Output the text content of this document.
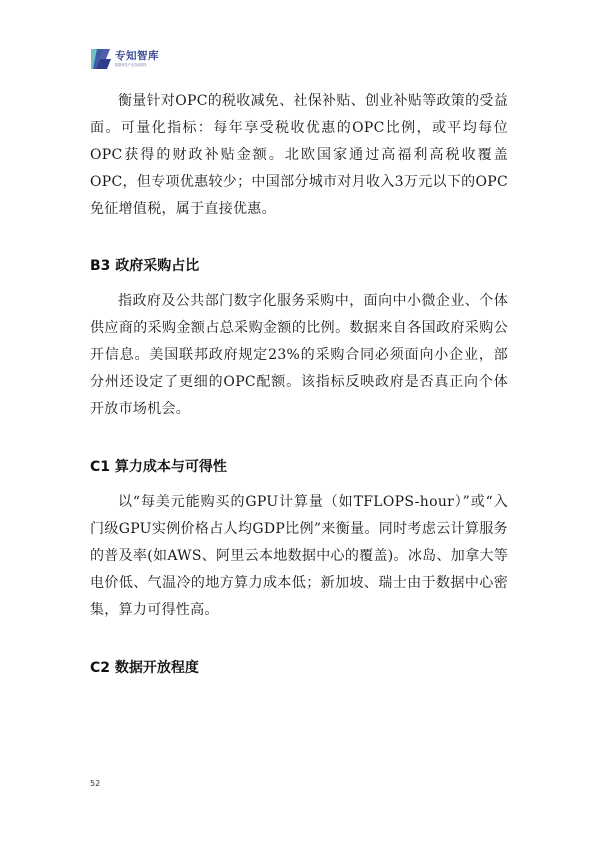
专知智库
数据科技产业智能服务

衡量针对OPC的税收减免、社保补贴、创业补贴等政策的受益面。可量化指标：每年享受税收优惠的OPC比例，或平均每位OPC获得的财政补贴金额。北欧国家通过高福利高税收覆盖OPC，但专项优惠较少；中国部分城市对月收入3万元以下的OPC免征增值税，属于直接优惠。

B3 政府采购占比

指政府及公共部门数字化服务采购中，面向中小微企业、个体供应商的采购金额占总采购金额的比例。数据来自各国政府采购公开信息。美国联邦政府规定23%的采购合同必须面向小企业，部分州还设定了更细的OPC配额。该指标反映政府是否真正向个体开放市场机会。

C1 算力成本与可得性

以“每美元能购买的GPU计算量（如TFLOPS-hour）”或“入门级GPU实例价格占人均GDP比例”来衡量。同时考虑云计算服务的普及率(如AWS、阿里云本地数据中心的覆盖)。冰岛、加拿大等电价低、气温冷的地方算力成本低；新加坡、瑞士由于数据中心密集，算力可得性高。

C2 数据开放程度
52
